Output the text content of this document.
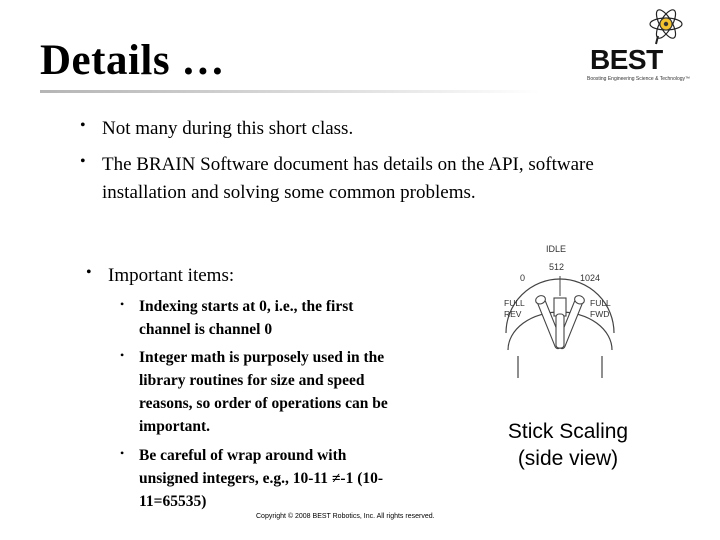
Details …	BEST
Boosting Engineering Science & Technology™
• Not many during this short class.
• The BRAIN Software document has details on the API, software installation and solving some common problems.
• Important items:
• Indexing starts at 0, i.e., the first channel is channel 0
• Integer math is purposely used in the library routines for size and speed reasons, so order of operations can be important.
• Be careful of wrap around with unsigned integers, e.g., 10-11 ≠-1 (10-11=65535)
IDLE
512
0	1024
FULL REV
FULL FWD
Stick Scaling (side view)
Copyright © 2008 BEST Robotics, Inc. All rights reserved.
